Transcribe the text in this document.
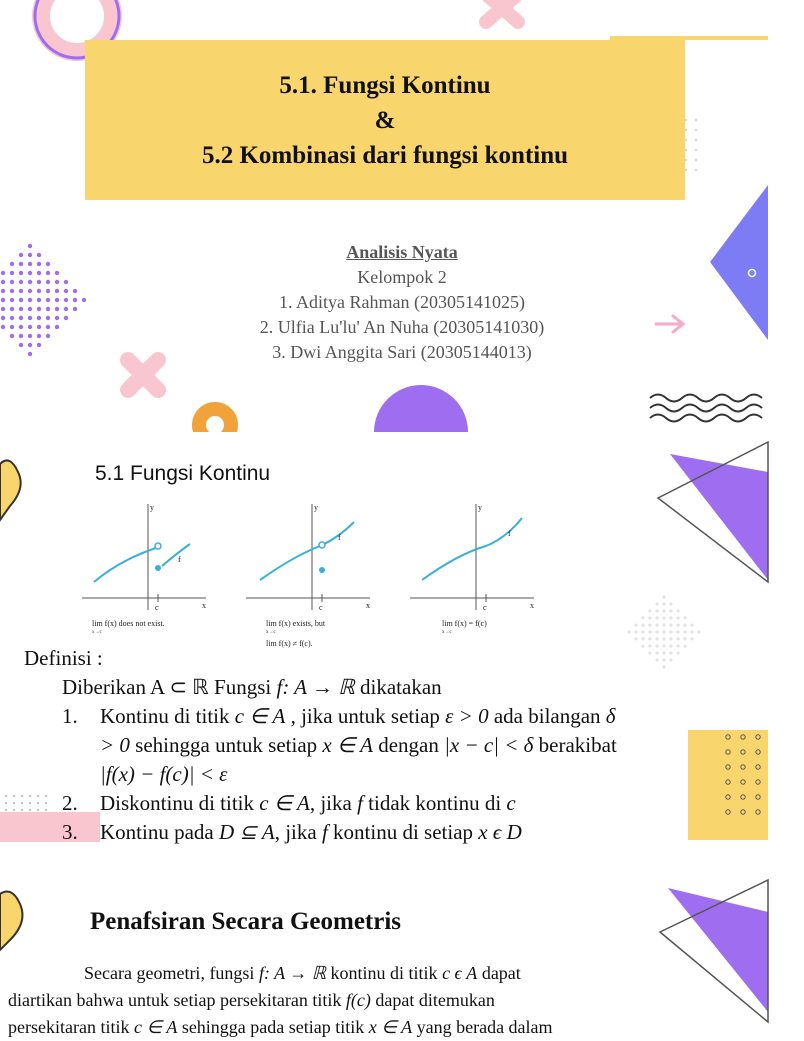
5.1. Fungsi Kontinu
&
5.2 Kombinasi dari fungsi kontinu
Analisis Nyata
Kelompok 2
1. Aditya Rahman (20305141025)
2. Ulfia Lu'lu' An Nuha (20305141030)
3. Dwi Anggita Sari (20305144013)
5.1 Fungsi Kontinu
y
x
c
f
lim f(x) does not exist.
x→c
y
x
c
f
lim f(x) exists, but
x→c
lim f(x) ≠ f(c).
y
x
c
f
lim f(x) = f(c)
x→c
Definisi :
Diberikan A ⊂ ℝ Fungsi f: A → ℝ dikatakan
1. Kontinu di titik c ∈ A , jika untuk setiap ε > 0 ada bilangan δ
> 0 sehingga untuk setiap x ∈ A dengan |x − c| < δ berakibat
|f(x) − f(c)| < ε
2. Diskontinu di titik c ∈ A, jika f tidak kontinu di c
3. Kontinu pada D ⊆ A, jika f kontinu di setiap x ϵ D
Penafsiran Secara Geometris
Secara geometri, fungsi f: A → ℝ kontinu di titik c ϵ A dapat
diartikan bahwa untuk setiap persekitaran titik f(c) dapat ditemukan
persekitaran titik c ∈ A sehingga pada setiap titik x ∈ A yang berada dalam
